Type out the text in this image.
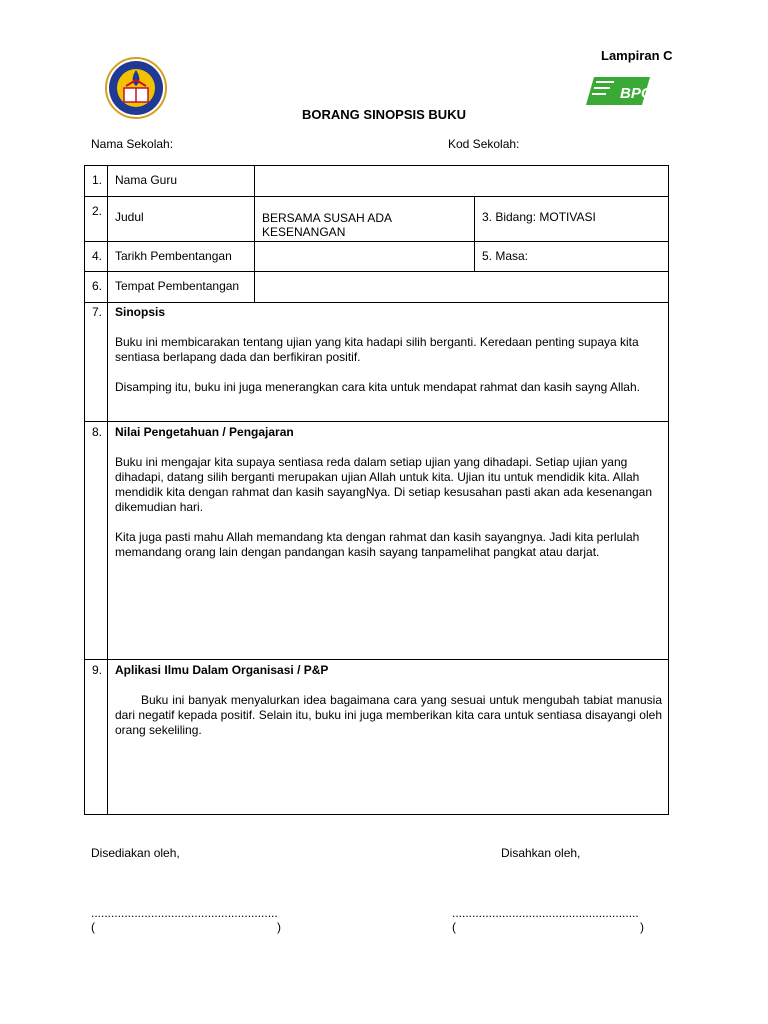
Lampiran C
BPG
BORANG SINOPSIS BUKU
Nama Sekolah:	Kod Sekolah:
1.	Nama Guru		
2.	Judul	BERSAMA SUSAH ADA
KESENANGAN	3. Bidang: MOTIVASI
4.	Tarikh Pembentangan		5. Masa:
6.	Tempat Pembentangan		
7.	Sinopsis

Buku ini membicarakan tentang ujian yang kita hadapi silih berganti. Keredaan penting supaya kita sentiasa berlapang dada dan berfikiran positif.

Disamping itu, buku ini juga menerangkan cara kita untuk mendapat rahmat dan kasih sayng Allah.		

8.	Nilai Pengetahuan / Pengajaran

Buku ini mengajar kita supaya sentiasa reda dalam setiap ujian yang dihadapi. Setiap ujian yang dihadapi, datang silih berganti merupakan ujian Allah untuk kita. Ujian itu untuk mendidik kita. Allah mendidik kita dengan rahmat dan kasih sayangNya. Di setiap kesusahan pasti akan ada kesenangan dikemudian hari.

Kita juga pasti mahu Allah memandang kta dengan rahmat dan kasih sayangnya. Jadi kita perlulah memandang orang lain dengan pandangan kasih sayang tanpamelihat pangkat atau darjat.		

9.	Aplikasi Ilmu Dalam Organisasi / P&P

Buku ini banyak menyalurkan idea bagaimana cara yang sesuai untuk mengubah tabiat manusia dari negatif kepada positif. Selain itu, buku ini juga memberikan kita cara untuk sentiasa disayangi oleh orang sekeliling.		

Disediakan oleh,	Disahkan oleh,
........................................................	........................................................
(	)	(	)
